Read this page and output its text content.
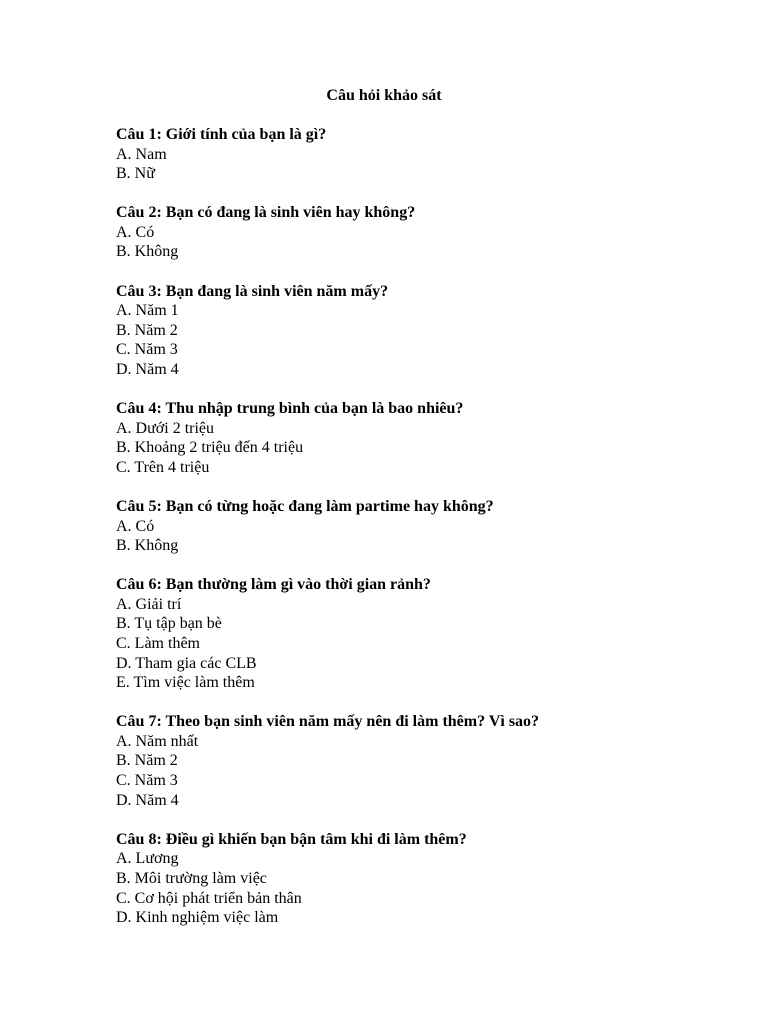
Câu hỏi khảo sát
Câu 1: Giới tính của bạn là gì?
A. Nam
B. Nữ
Câu 2: Bạn có đang là sinh viên hay không?
A. Có
B. Không
Câu 3: Bạn đang là sinh viên năm mấy?
A. Năm 1
B. Năm 2
C. Năm 3
D. Năm 4
Câu 4: Thu nhập trung bình của bạn là bao nhiêu?
A. Dưới 2 triệu
B. Khoảng 2 triệu đến 4 triệu
C. Trên 4 triệu
Câu 5: Bạn có từng hoặc đang làm partime hay không?
A. Có
B. Không
Câu 6: Bạn thường làm gì vào thời gian rảnh?
A. Giải trí
B. Tụ tập bạn bè
C. Làm thêm
D. Tham gia các CLB
E. Tìm việc làm thêm
Câu 7: Theo bạn sinh viên năm mấy nên đi làm thêm? Vì sao?
A. Năm nhất
B. Năm 2
C. Năm 3
D. Năm 4
Câu 8: Điều gì khiến bạn bận tâm khi đi làm thêm?
A. Lương
B. Môi trường làm việc
C. Cơ hội phát triển bản thân
D. Kinh nghiệm việc làm
